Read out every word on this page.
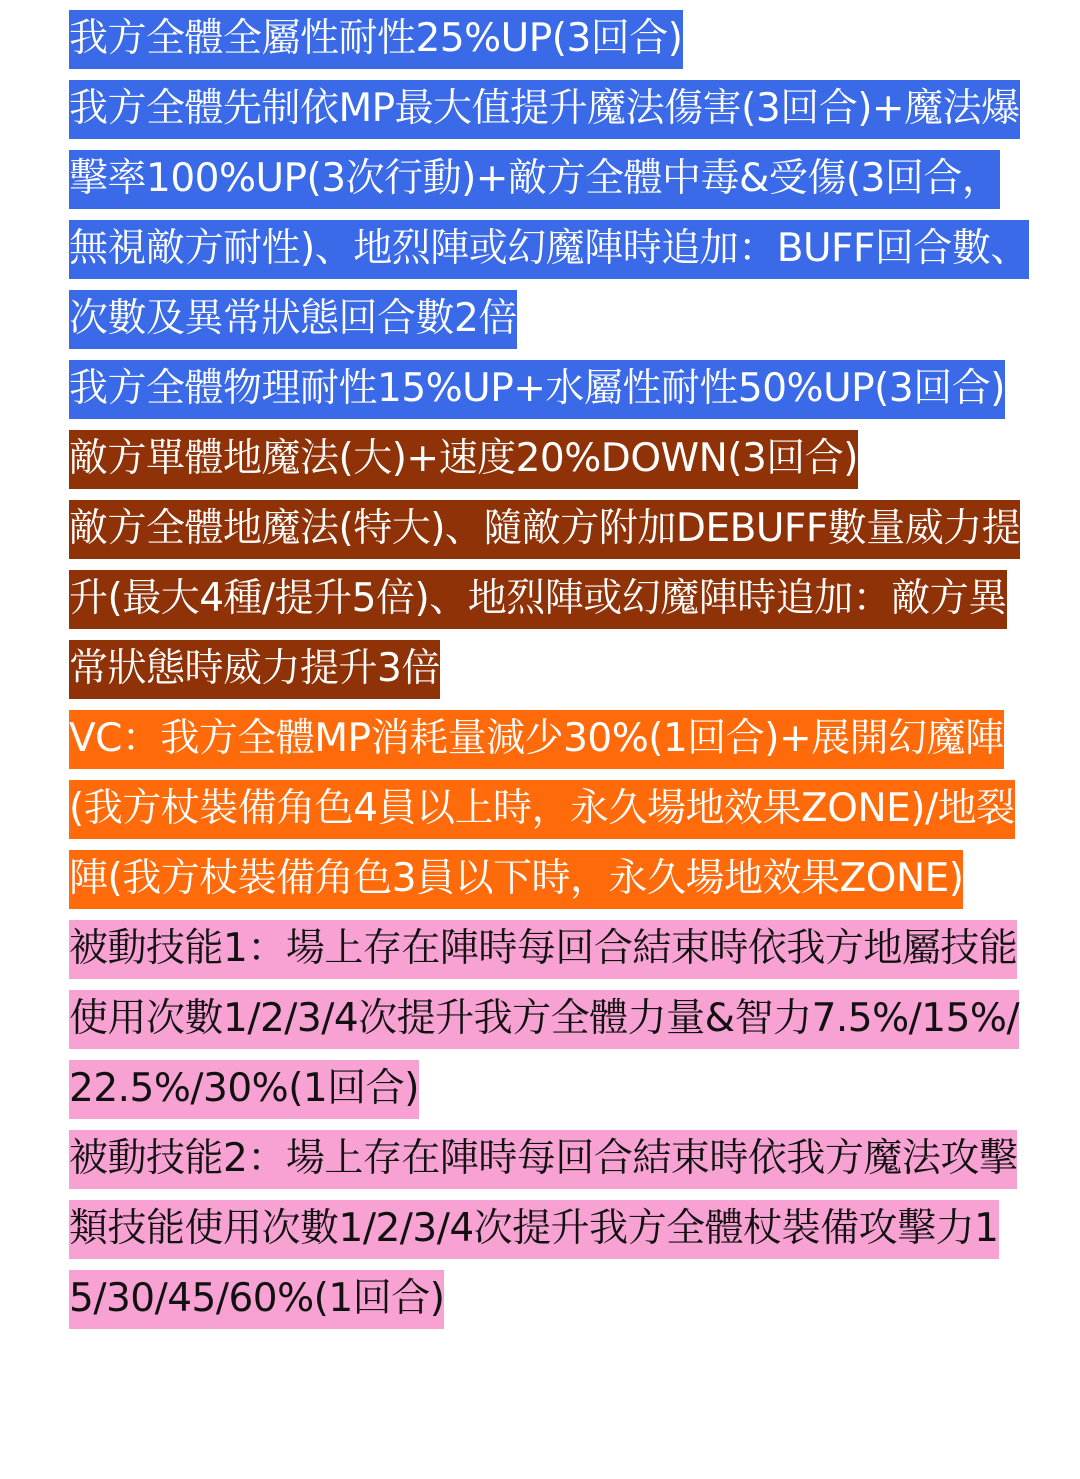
我方全體全屬性耐性25%UP(3回合)
我方全體先制依MP最大值提升魔法傷害(3回合)+魔法爆擊率100%UP(3次行動)+敵方全體中毒&受傷(3回合，無視敵方耐性)、地烈陣或幻魔陣時追加：BUFF回合數、次數及異常狀態回合數2倍
我方全體物理耐性15%UP+水屬性耐性50%UP(3回合)
敵方單體地魔法(大)+速度20%DOWN(3回合)
敵方全體地魔法(特大)、隨敵方附加DEBUFF數量威力提升(最大4種/提升5倍)、地烈陣或幻魔陣時追加：敵方異常狀態時威力提升3倍
VC：我方全體MP消耗量減少30%(1回合)+展開幻魔陣(我方杖裝備角色4員以上時，永久場地效果ZONE)/地裂陣(我方杖裝備角色3員以下時，永久場地效果ZONE)
被動技能1：場上存在陣時每回合結束時依我方地屬技能使用次數1/2/3/4次提升我方全體力量&智力7.5%/15%/22.5%/30%(1回合)
被動技能2：場上存在陣時每回合結束時依我方魔法攻擊類技能使用次數1/2/3/4次提升我方全體杖裝備攻擊力15/30/45/60%(1回合)
